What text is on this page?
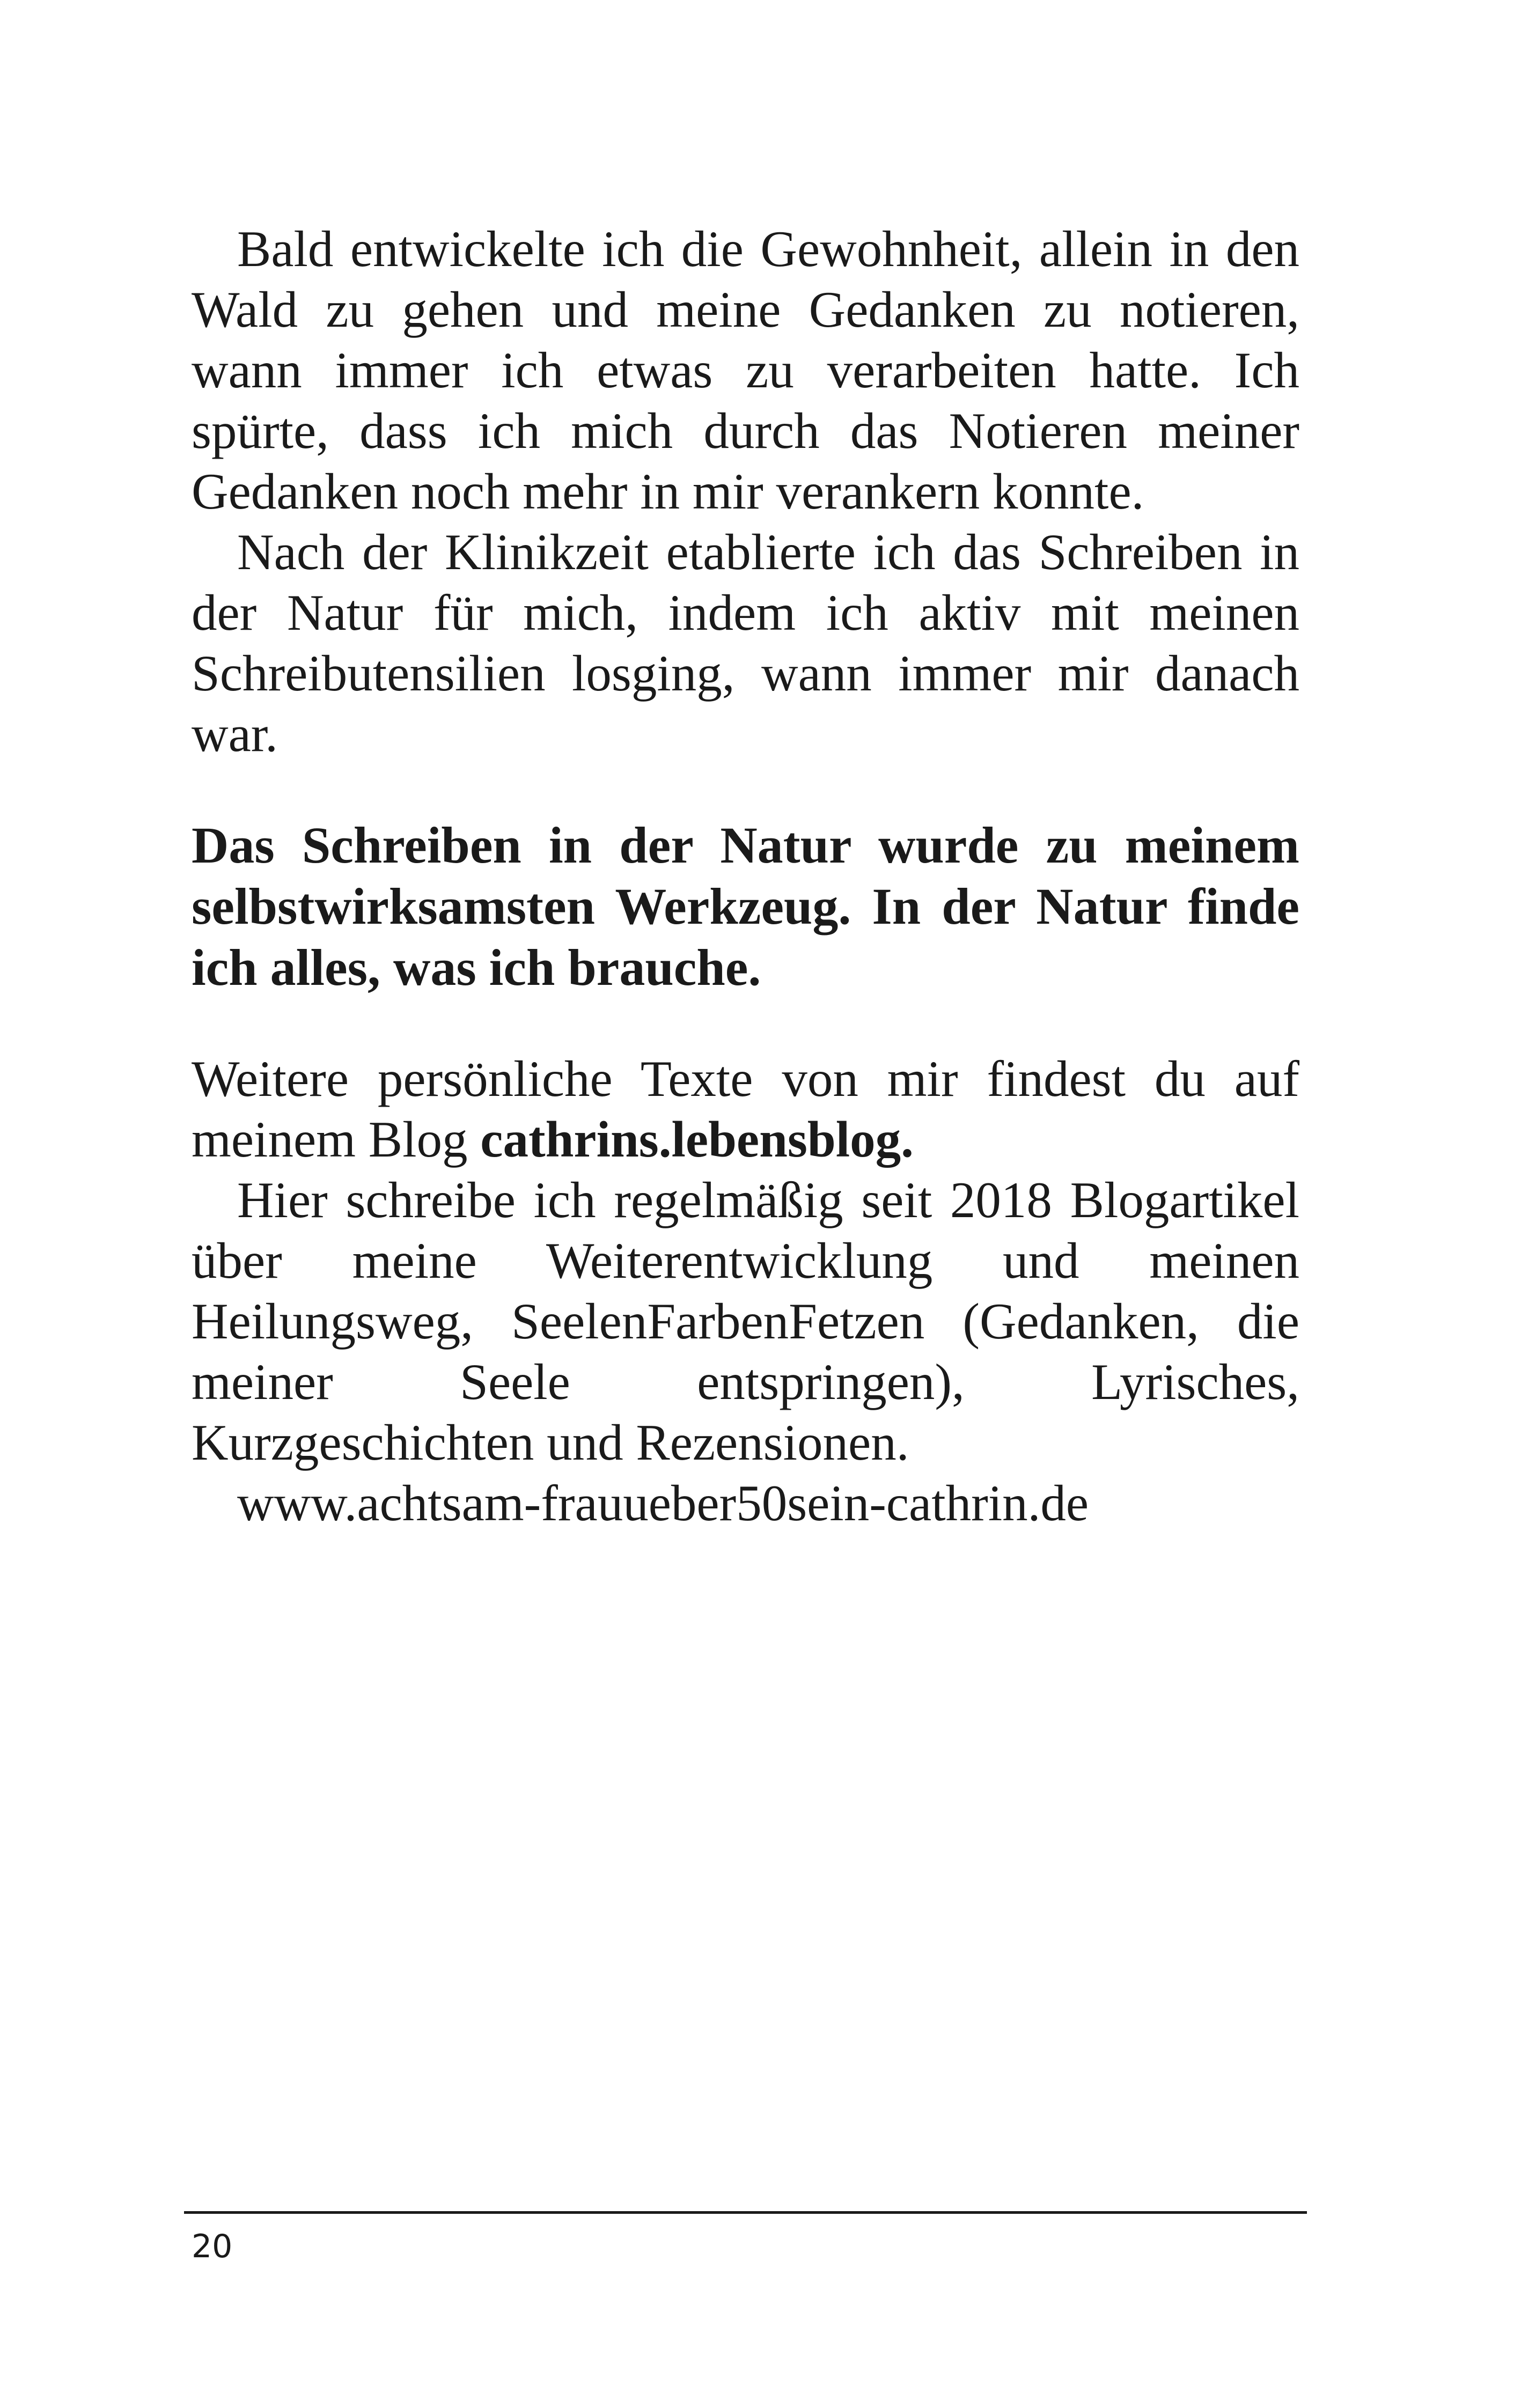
Bald entwickelte ich die Gewohnheit, allein in den Wald zu gehen und meine Gedanken zu notieren, wann immer ich etwas zu verarbeiten hatte. Ich spürte, dass ich mich durch das Notieren meiner Gedanken noch mehr in mir verankern konnte.

Nach der Klinikzeit etablierte ich das Schreiben in der Natur für mich, indem ich aktiv mit meinen Schreibutensilien losging, wann immer mir danach war.

Das Schreiben in der Natur wurde zu meinem selbstwirksamsten Werkzeug. In der Natur finde ich alles, was ich brauche.

Weitere persönliche Texte von mir findest du auf meinem Blog cathrins.lebensblog.

Hier schreibe ich regelmäßig seit 2018 Blogartikel über meine Weiterentwicklung und meinen Heilungsweg, SeelenFarbenFetzen (Gedanken, die meiner Seele entspringen), Lyrisches, Kurzgeschichten und Rezensionen.

www.achtsam-frauueber50sein-cathrin.de

20
